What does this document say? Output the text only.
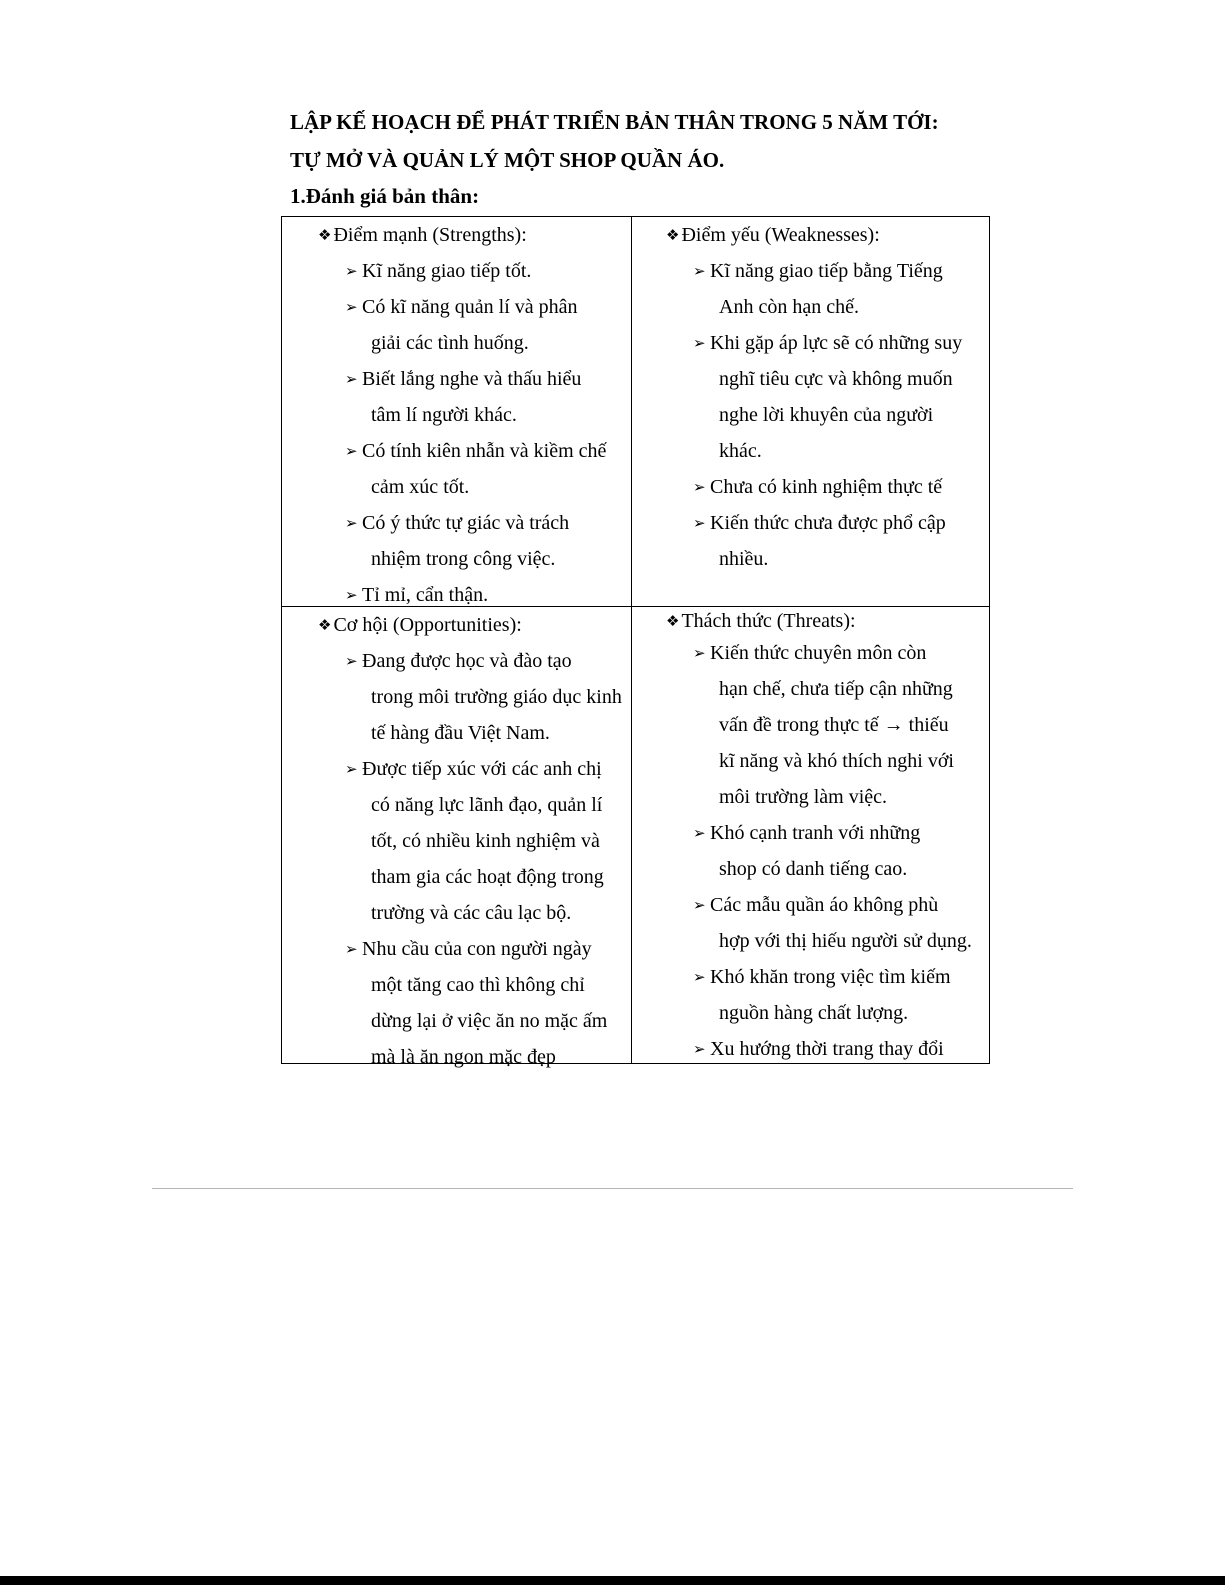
LẬP KẾ HOẠCH ĐỂ PHÁT TRIỂN BẢN THÂN TRONG 5 NĂM TỚI:
TỰ MỞ VÀ QUẢN LÝ MỘT SHOP QUẦN ÁO.
1.Đánh giá bản thân:
❖ Điểm mạnh (Strengths):
➢ Kĩ năng giao tiếp tốt.
➢ Có kĩ năng quản lí và phân
giải các tình huống.
➢ Biết lắng nghe và thấu hiểu
tâm lí người khác.
➢ Có tính kiên nhẫn và kiềm chế
cảm xúc tốt.
➢ Có ý thức tự giác và trách
nhiệm trong công việc.
➢ Tỉ mỉ, cẩn thận.
❖ Điểm yếu (Weaknesses):
➢ Kĩ năng giao tiếp bằng Tiếng
Anh còn hạn chế.
➢ Khi gặp áp lực sẽ có những suy
nghĩ tiêu cực và không muốn
nghe lời khuyên của người
khác.
➢ Chưa có kinh nghiệm thực tế
➢ Kiến thức chưa được phổ cập
nhiều.
❖ Cơ hội (Opportunities):
➢ Đang được học và đào tạo
trong môi trường giáo dục kinh
tế hàng đầu Việt Nam.
➢ Được tiếp xúc với các anh chị
có năng lực lãnh đạo, quản lí
tốt, có nhiều kinh nghiệm và
tham gia các hoạt động trong
trường và các câu lạc bộ.
➢ Nhu cầu của con người ngày
một tăng cao thì không chỉ
dừng lại ở việc ăn no mặc ấm
mà là ăn ngon mặc đẹp
❖ Thách thức (Threats):
➢ Kiến thức chuyên môn còn
hạn chế, chưa tiếp cận những
vấn đề trong thực tế → thiếu
kĩ năng và khó thích nghi với
môi trường làm việc.
➢ Khó cạnh tranh với những
shop có danh tiếng cao.
➢ Các mẫu quần áo không phù
hợp với thị hiếu người sử dụng.
➢ Khó khăn trong việc tìm kiếm
nguồn hàng chất lượng.
➢ Xu hướng thời trang thay đổi
